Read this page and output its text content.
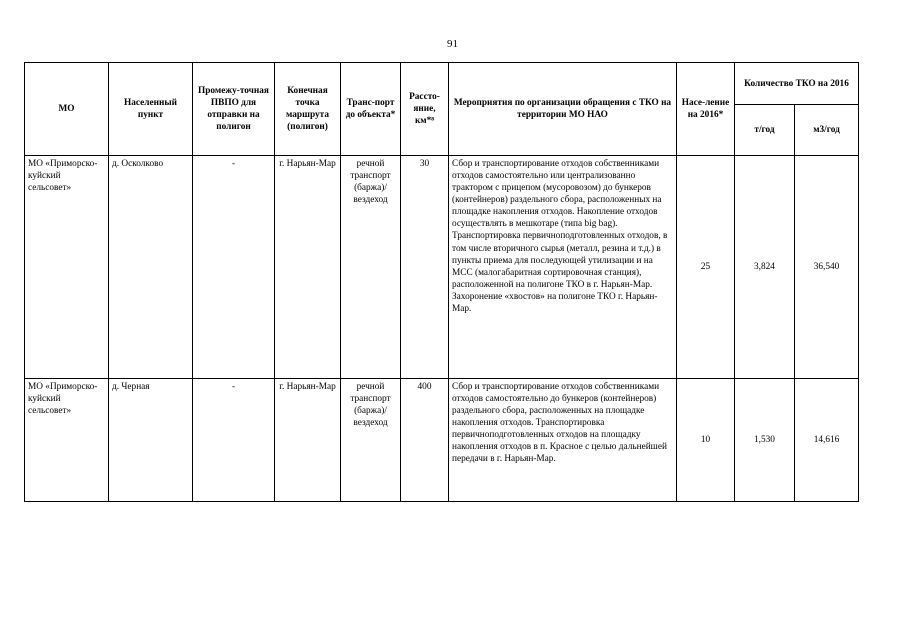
91
МО	Населенный пункт	Промежу-точная ПВПО для отправки на полигон	Конечная точка маршрута (полигон)	Транс-порт до объекта*	Рассто-яние, км*⁸	Мероприятия по организации обращения с ТКО на территории МО НАО	Насе-ление на 2016*	Количество ТКО на 2016	
								т/год	м3/год
МО «Приморско-куйский сельсовет»	д. Осколково	-	г. Нарьян-Мар	речной транспорт (баржа)/ вездеход	30	Сбор и транспортирование отходов собственниками отходов самостоятельно или централизованно трактором с прицепом (мусоровозом) до бункеров (контейнеров) раздельного сбора, расположенных на площадке накопления отходов. Накопление отходов осуществлять в мешкотаре (типа big bag). Транспортировка первичноподготовленных отходов, в том числе вторичного сырья (металл, резина и т.д.) в пункты приема для последующей утилизации и на МСС (малогабаритная сортировочная станция), расположенной на полигоне ТКО в г. Нарьян-Мар. Захоронение «хвостов» на полигоне ТКО г. Нарьян-Мар.	25	3,824	36,540
МО «Приморско-куйский сельсовет»	д. Черная	-	г. Нарьян-Мар	речной транспорт (баржа)/ вездеход	400	Сбор и транспортирование отходов собственниками отходов самостоятельно до бункеров (контейнеров) раздельного сбора, расположенных на площадке накопления отходов. Транспортировка первичноподготовленных отходов на площадку накопления отходов в п. Красное с целью дальнейшей передачи в г. Нарьян-Мар.	10	1,530	14,616
